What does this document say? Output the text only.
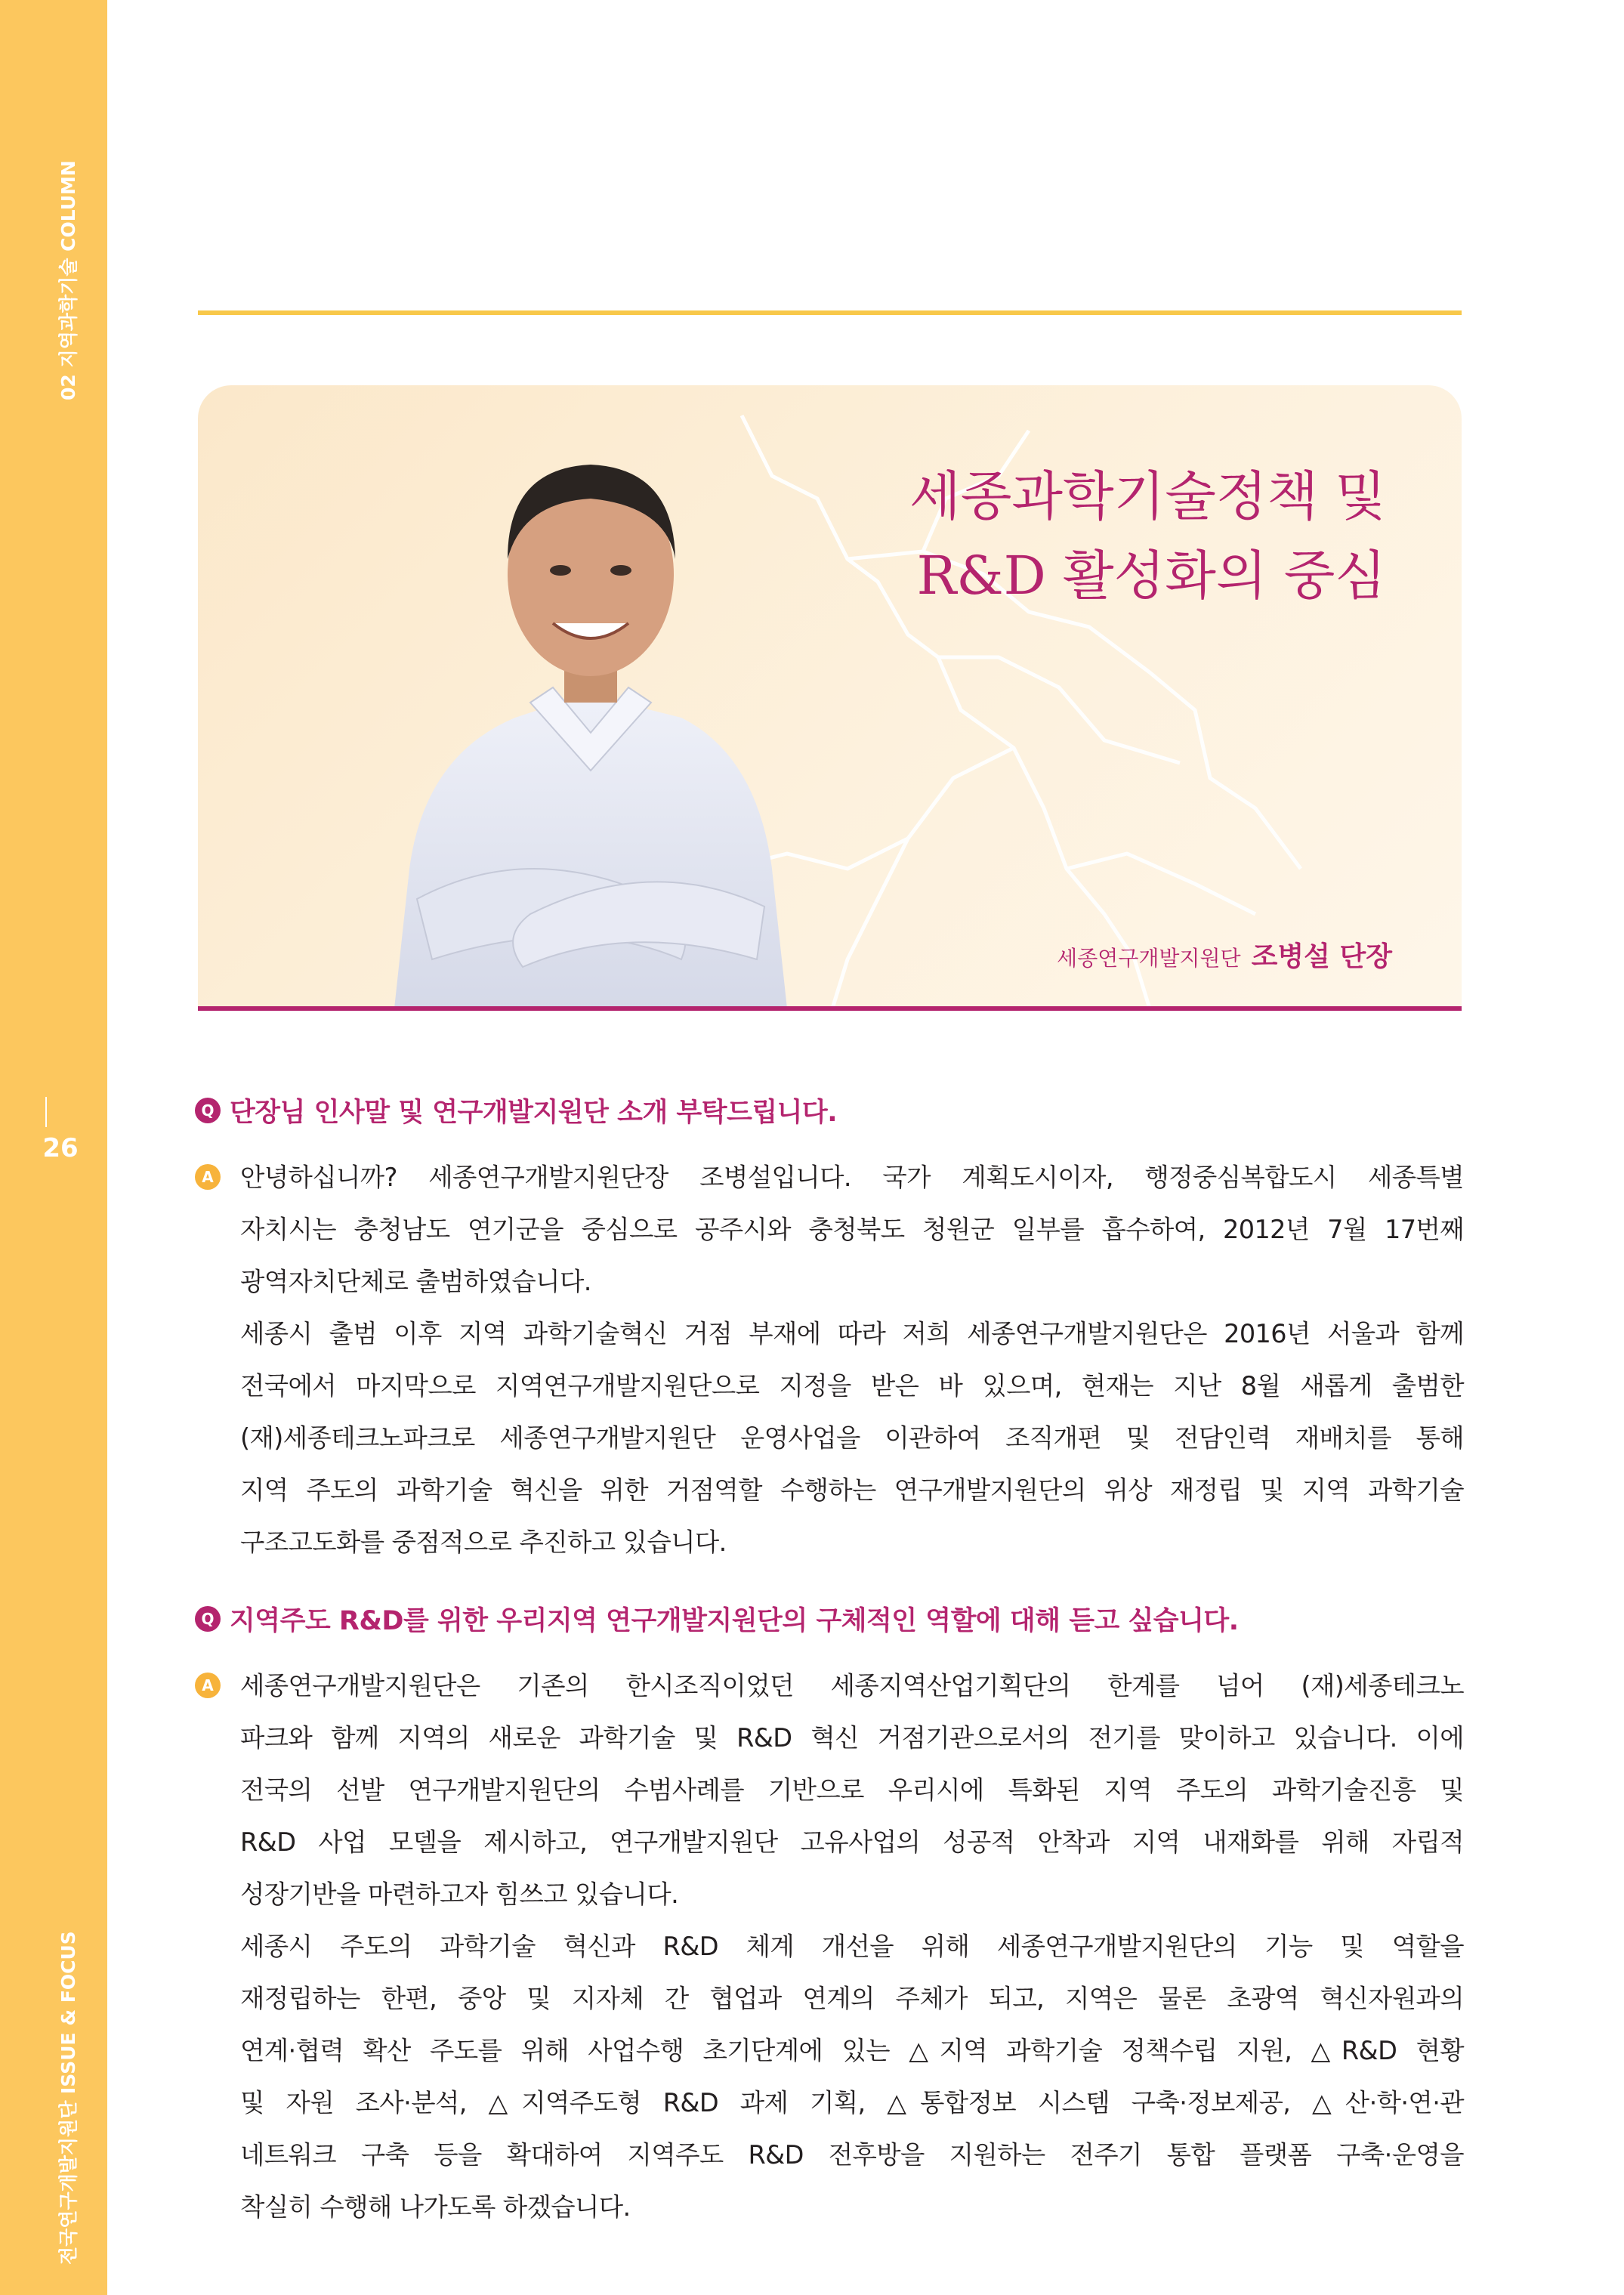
02 지역과학기술 COLUMN
26
전국연구개발지원단 ISSUE & FOCUS
세종과학기술정책 및
R&D 활성화의 중심
세종연구개발지원단 조병설 단장
Q 단장님 인사말 및 연구개발지원단 소개 부탁드립니다.
A 안녕하십니까? 세종연구개발지원단장 조병설입니다. 국가 계획도시이자, 행정중심복합도시 세종특별
자치시는 충청남도 연기군을 중심으로 공주시와 충청북도 청원군 일부를 흡수하여, 2012년 7월 17번째
광역자치단체로 출범하였습니다.
세종시 출범 이후 지역 과학기술혁신 거점 부재에 따라 저희 세종연구개발지원단은 2016년 서울과 함께
전국에서 마지막으로 지역연구개발지원단으로 지정을 받은 바 있으며, 현재는 지난 8월 새롭게 출범한
(재)세종테크노파크로 세종연구개발지원단 운영사업을 이관하여 조직개편 및 전담인력 재배치를 통해
지역 주도의 과학기술 혁신을 위한 거점역할 수행하는 연구개발지원단의 위상 재정립 및 지역 과학기술
구조고도화를 중점적으로 추진하고 있습니다.
Q 지역주도 R&D를 위한 우리지역 연구개발지원단의 구체적인 역할에 대해 듣고 싶습니다.
A 세종연구개발지원단은 기존의 한시조직이었던 세종지역산업기획단의 한계를 넘어 (재)세종테크노
파크와 함께 지역의 새로운 과학기술 및 R&D 혁신 거점기관으로서의 전기를 맞이하고 있습니다. 이에
전국의 선발 연구개발지원단의 수범사례를 기반으로 우리시에 특화된 지역 주도의 과학기술진흥 및
R&D 사업 모델을 제시하고, 연구개발지원단 고유사업의 성공적 안착과 지역 내재화를 위해 자립적
성장기반을 마련하고자 힘쓰고 있습니다.
세종시 주도의 과학기술 혁신과 R&D 체계 개선을 위해 세종연구개발지원단의 기능 및 역할을
재정립하는 한편, 중앙 및 지자체 간 협업과 연계의 주체가 되고, 지역은 물론 초광역 혁신자원과의
연계·협력 확산 주도를 위해 사업수행 초기단계에 있는 △지역 과학기술 정책수립 지원, △R&D 현황
및 자원 조사·분석, △지역주도형 R&D 과제 기획, △통합정보 시스템 구축·정보제공, △산·학·연·관
네트워크 구축 등을 확대하여 지역주도 R&D 전후방을 지원하는 전주기 통합 플랫폼 구축·운영을
착실히 수행해 나가도록 하겠습니다.
